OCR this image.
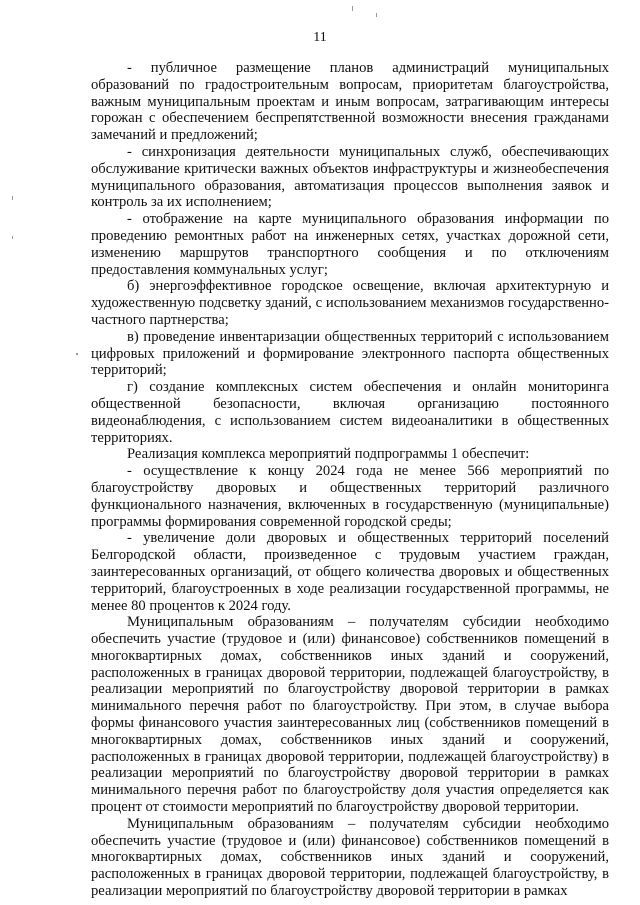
11

- публичное размещение планов администраций муниципальных образований по градостроительным вопросам, приоритетам благоустройства, важным муниципальным проектам и иным вопросам, затрагивающим интересы горожан с обеспечением беспрепятственной возможности внесения гражданами замечаний и предложений;

- синхронизация деятельности муниципальных служб, обеспечивающих обслуживание критически важных объектов инфраструктуры и жизнеобеспечения муниципального образования, автоматизация процессов выполнения заявок и контроль за их исполнением;

- отображение на карте муниципального образования информации по проведению ремонтных работ на инженерных сетях, участках дорожной сети, изменению маршрутов транспортного сообщения и по отключениям предоставления коммунальных услуг;

б) энергоэффективное городское освещение, включая архитектурную и художественную подсветку зданий, с использованием механизмов государственно-частного партнерства;

в) проведение инвентаризации общественных территорий с использованием цифровых приложений и формирование электронного паспорта общественных территорий;

г) создание комплексных систем обеспечения и онлайн мониторинга общественной безопасности, включая организацию постоянного видеонаблюдения, с использованием систем видеоаналитики в общественных территориях.

Реализация комплекса мероприятий подпрограммы 1 обеспечит:

- осуществление к концу 2024 года не менее 566 мероприятий по благоустройству дворовых и общественных территорий различного функционального назначения, включенных в государственную (муниципальные) программы формирования современной городской среды;

- увеличение доли дворовых и общественных территорий поселений Белгородской области, произведенное с трудовым участием граждан, заинтересованных организаций, от общего количества дворовых и общественных территорий, благоустроенных в ходе реализации государственной программы, не менее 80 процентов к 2024 году.

Муниципальным образованиям – получателям субсидии необходимо обеспечить участие (трудовое и (или) финансовое) собственников помещений в многоквартирных домах, собственников иных зданий и сооружений, расположенных в границах дворовой территории, подлежащей благоустройству, в реализации мероприятий по благоустройству дворовой территории в рамках минимального перечня работ по благоустройству. При этом, в случае выбора формы финансового участия заинтересованных лиц (собственников помещений в многоквартирных домах, собственников иных зданий и сооружений, расположенных в границах дворовой территории, подлежащей благоустройству) в реализации мероприятий по благоустройству дворовой территории в рамках минимального перечня работ по благоустройству доля участия определяется как процент от стоимости мероприятий по благоустройству дворовой территории.

Муниципальным образованиям – получателям субсидии необходимо обеспечить участие (трудовое и (или) финансовое) собственников помещений в многоквартирных домах, собственников иных зданий и сооружений, расположенных в границах дворовой территории, подлежащей благоустройству, в реализации мероприятий по благоустройству дворовой территории в рамках
